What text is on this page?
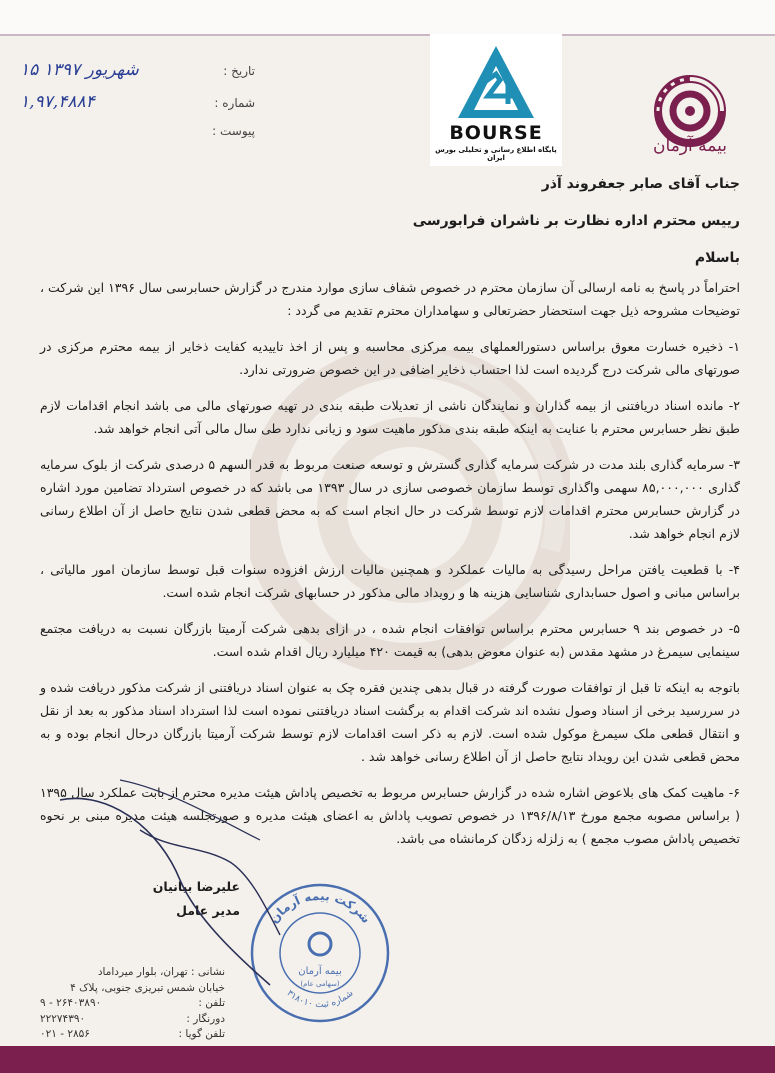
تاریخ :
۱۵ شهریور ۱۳۹۷
شماره :
۱,۹۷,۴۸۸۴
پیوست :	BOURSE
پایگاه اطلاع رسانی و تحلیلی بورس ایران
بیمه آرمان

جناب آقای صابر جعفروند آذر

رییس محترم اداره نظارت بر ناشران فرابورسی

باسلام

احتراماً در پاسخ به نامه ارسالی آن سازمان محترم در خصوص شفاف سازی موارد مندرج در گزارش حسابرسی سال ۱۳۹۶ این شرکت ، توضیحات مشروحه ذیل جهت استحضار حضرتعالی و سهامداران محترم تقدیم می گردد :

۱- ذخیره خسارت معوق براساس دستورالعملهای بیمه مرکزی محاسبه و پس از اخذ تاییدیه کفایت ذخایر از بیمه محترم مرکزی در صورتهای مالی شرکت درج گردیده است لذا احتساب ذخایر اضافی در این خصوص ضرورتی ندارد.

۲- مانده اسناد دریافتنی از بیمه گذاران و نمایندگان ناشی از تعدیلات طبقه بندی در تهیه صورتهای مالی می باشد انجام اقدامات لازم طبق نظر حسابرس محترم با عنایت به اینکه طبقه بندی مذکور ماهیت سود و زیانی ندارد طی سال مالی آتی انجام خواهد شد.

۳- سرمایه گذاری بلند مدت در شرکت سرمایه گذاری گسترش و توسعه صنعت مربوط به قدر السهم ۵ درصدی شرکت از بلوک سرمایه گذاری ۸۵,۰۰۰,۰۰۰ سهمی واگذاری توسط سازمان خصوصی سازی در سال ۱۳۹۳ می باشد که در خصوص استرداد تضامین مورد اشاره در گزارش حسابرس محترم اقدامات لازم توسط شرکت در حال انجام است که به محض قطعی شدن نتایج حاصل از آن اطلاع رسانی لازم انجام خواهد شد.

۴- با قطعیت یافتن مراحل رسیدگی به مالیات عملکرد و همچنین مالیات ارزش افزوده سنوات قبل توسط سازمان امور مالیاتی ، براساس مبانی و اصول حسابداری شناسایی هزینه ها و رویداد مالی مذکور در حسابهای شرکت انجام شده است.

۵- در خصوص بند ۹ حسابرس محترم براساس توافقات انجام شده ، در ازای بدهی شرکت آرمیتا بازرگان نسبت به دریافت مجتمع سینمایی سیمرغ در مشهد مقدس (به عنوان معوض بدهی) به قیمت ۴۲۰ میلیارد ریال اقدام شده است.

باتوجه به اینکه تا قبل از توافقات صورت گرفته در قبال بدهی چندین فقره چک به عنوان اسناد دریافتنی از شرکت مذکور دریافت شده و در سررسید برخی از اسناد وصول نشده اند شرکت اقدام به برگشت اسناد دریافتنی نموده است لذا استرداد اسناد مذکور به بعد از نقل و انتقال قطعی ملک سیمرغ موکول شده است. لازم به ذکر است اقدامات لازم توسط شرکت آرمیتا بازرگان درحال انجام بوده و به محض قطعی شدن این رویداد نتایج حاصل از آن اطلاع رسانی خواهد شد .

۶- ماهیت کمک های بلاعوض اشاره شده در گزارش حسابرس مربوط به تخصیص پاداش هیئت مدیره محترم از بابت عملکرد سال ۱۳۹۵ ( براساس مصوبه مجمع مورخ ۱۳۹۶/۸/۱۳ در خصوص تصویب پاداش به اعضای هیئت مدیره و صورتجلسه هیئت مدیره مبنی بر نحوه تخصیص پاداش مصوب مجمع ) به زلزله زدگان کرمانشاه می باشد.

علیرضا بیانیان
مدیر عامل شرکت بیمه آرمان
شماره ثبت ۳۱۸۰۱۰
بیمه آرمان
(سهامی عام)
نشانی : تهران، بلوار میرداماد
خیابان شمس تبریزی جنوبی، پلاک ۴
تلفن :
۹ - ۲۶۴۰۳۸۹۰
دورنگار :
۲۲۲۷۴۳۹۰
تلفن گویا :
۰۲۱ - ۲۸۵۶
